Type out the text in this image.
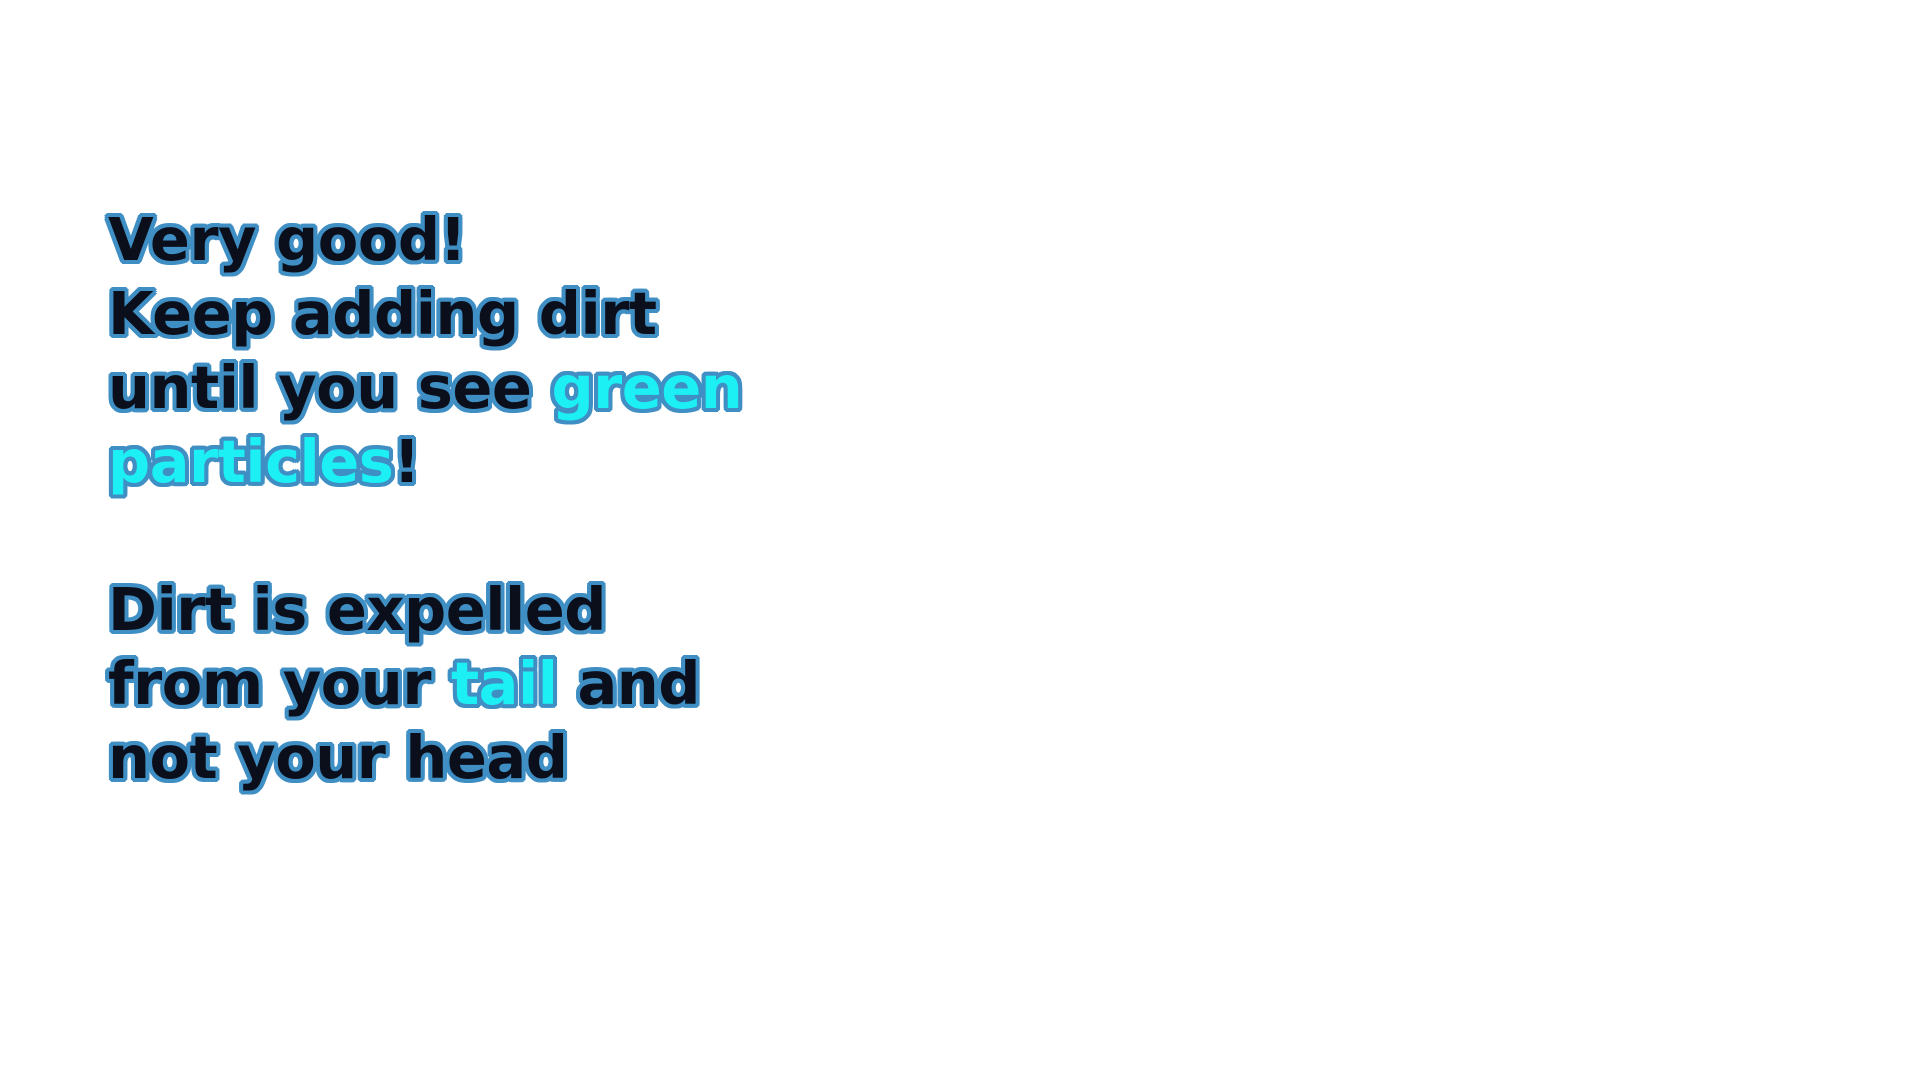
Very good!
Keep adding dirt
until you see green
particles!
Dirt is expelled
from your tail and
not your head
